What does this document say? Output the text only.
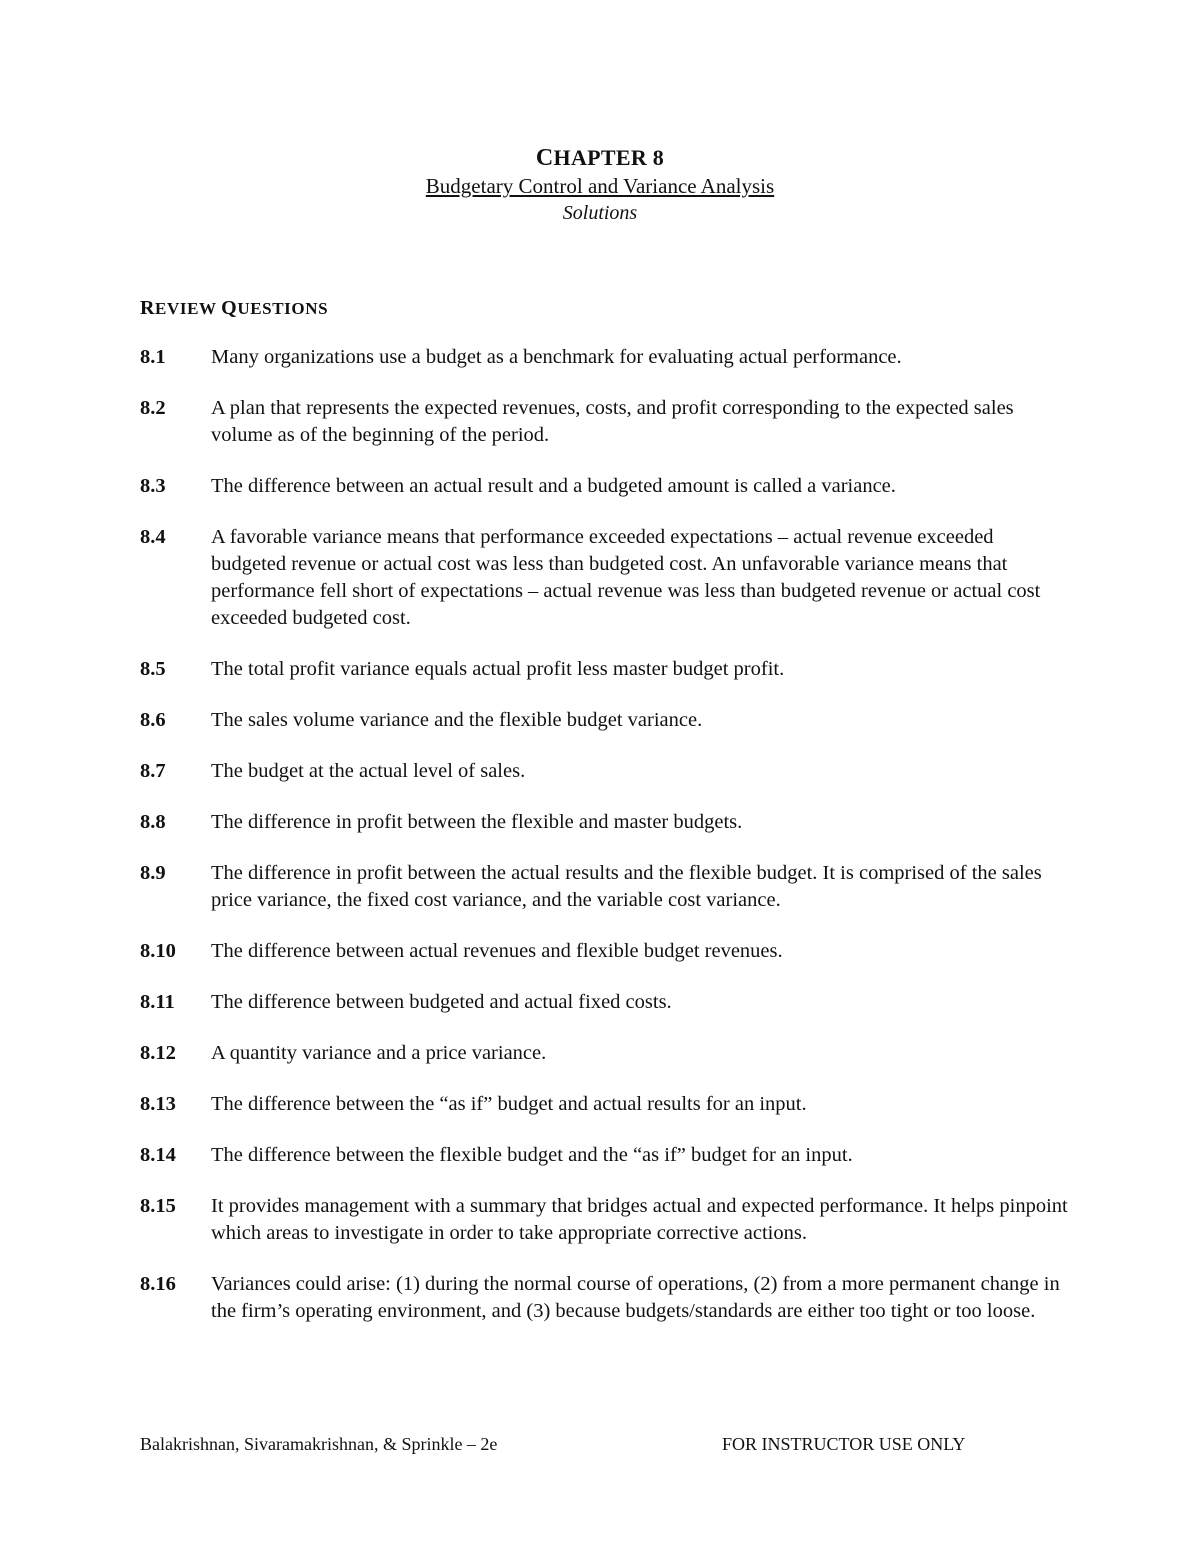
CHAPTER 8
Budgetary Control and Variance Analysis
Solutions
REVIEW QUESTIONS
8.1	Many organizations use a budget as a benchmark for evaluating actual performance.
8.2	A plan that represents the expected revenues, costs, and profit corresponding to the expected sales volume as of the beginning of the period.
8.3	The difference between an actual result and a budgeted amount is called a variance.
8.4	A favorable variance means that performance exceeded expectations – actual revenue exceeded budgeted revenue or actual cost was less than budgeted cost. An unfavorable variance means that performance fell short of expectations – actual revenue was less than budgeted revenue or actual cost exceeded budgeted cost.
8.5	The total profit variance equals actual profit less master budget profit.
8.6	The sales volume variance and the flexible budget variance.
8.7	The budget at the actual level of sales.
8.8	The difference in profit between the flexible and master budgets.
8.9	The difference in profit between the actual results and the flexible budget. It is comprised of the sales price variance, the fixed cost variance, and the variable cost variance.
8.10	The difference between actual revenues and flexible budget revenues.
8.11	The difference between budgeted and actual fixed costs.
8.12	A quantity variance and a price variance.
8.13	The difference between the “as if” budget and actual results for an input.
8.14	The difference between the flexible budget and the “as if” budget for an input.
8.15	It provides management with a summary that bridges actual and expected performance. It helps pinpoint which areas to investigate in order to take appropriate corrective actions.
8.16	Variances could arise: (1) during the normal course of operations, (2) from a more permanent change in the firm’s operating environment, and (3) because budgets/standards are either too tight or too loose.
Balakrishnan, Sivaramakrishnan, & Sprinkle – 2e	FOR INSTRUCTOR USE ONLY
